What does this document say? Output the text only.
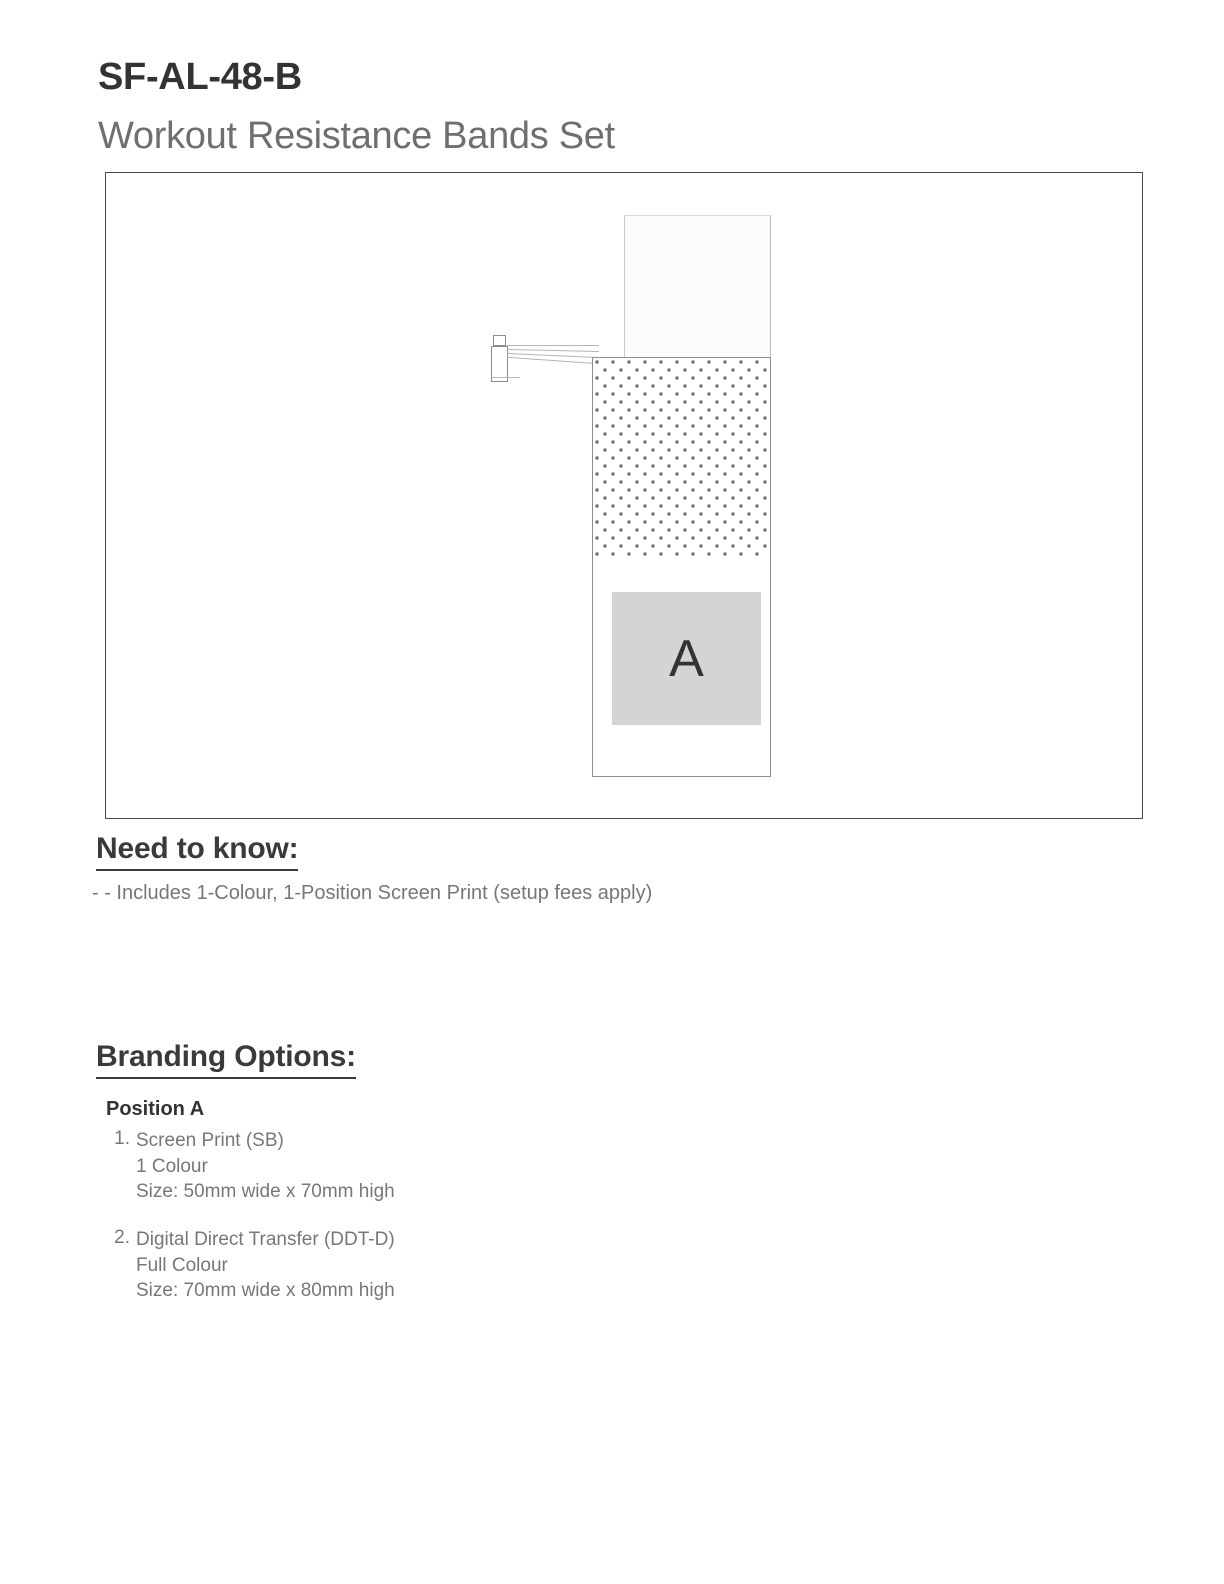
SF-AL-48-B
Workout Resistance Bands Set
A
Need to know:
- - Includes 1-Colour, 1-Position Screen Print (setup fees apply)
Branding Options:
Position A
1. Screen Print (SB)
1 Colour
Size: 50mm wide x 70mm high
2. Digital Direct Transfer (DDT-D)
Full Colour
Size: 70mm wide x 80mm high
